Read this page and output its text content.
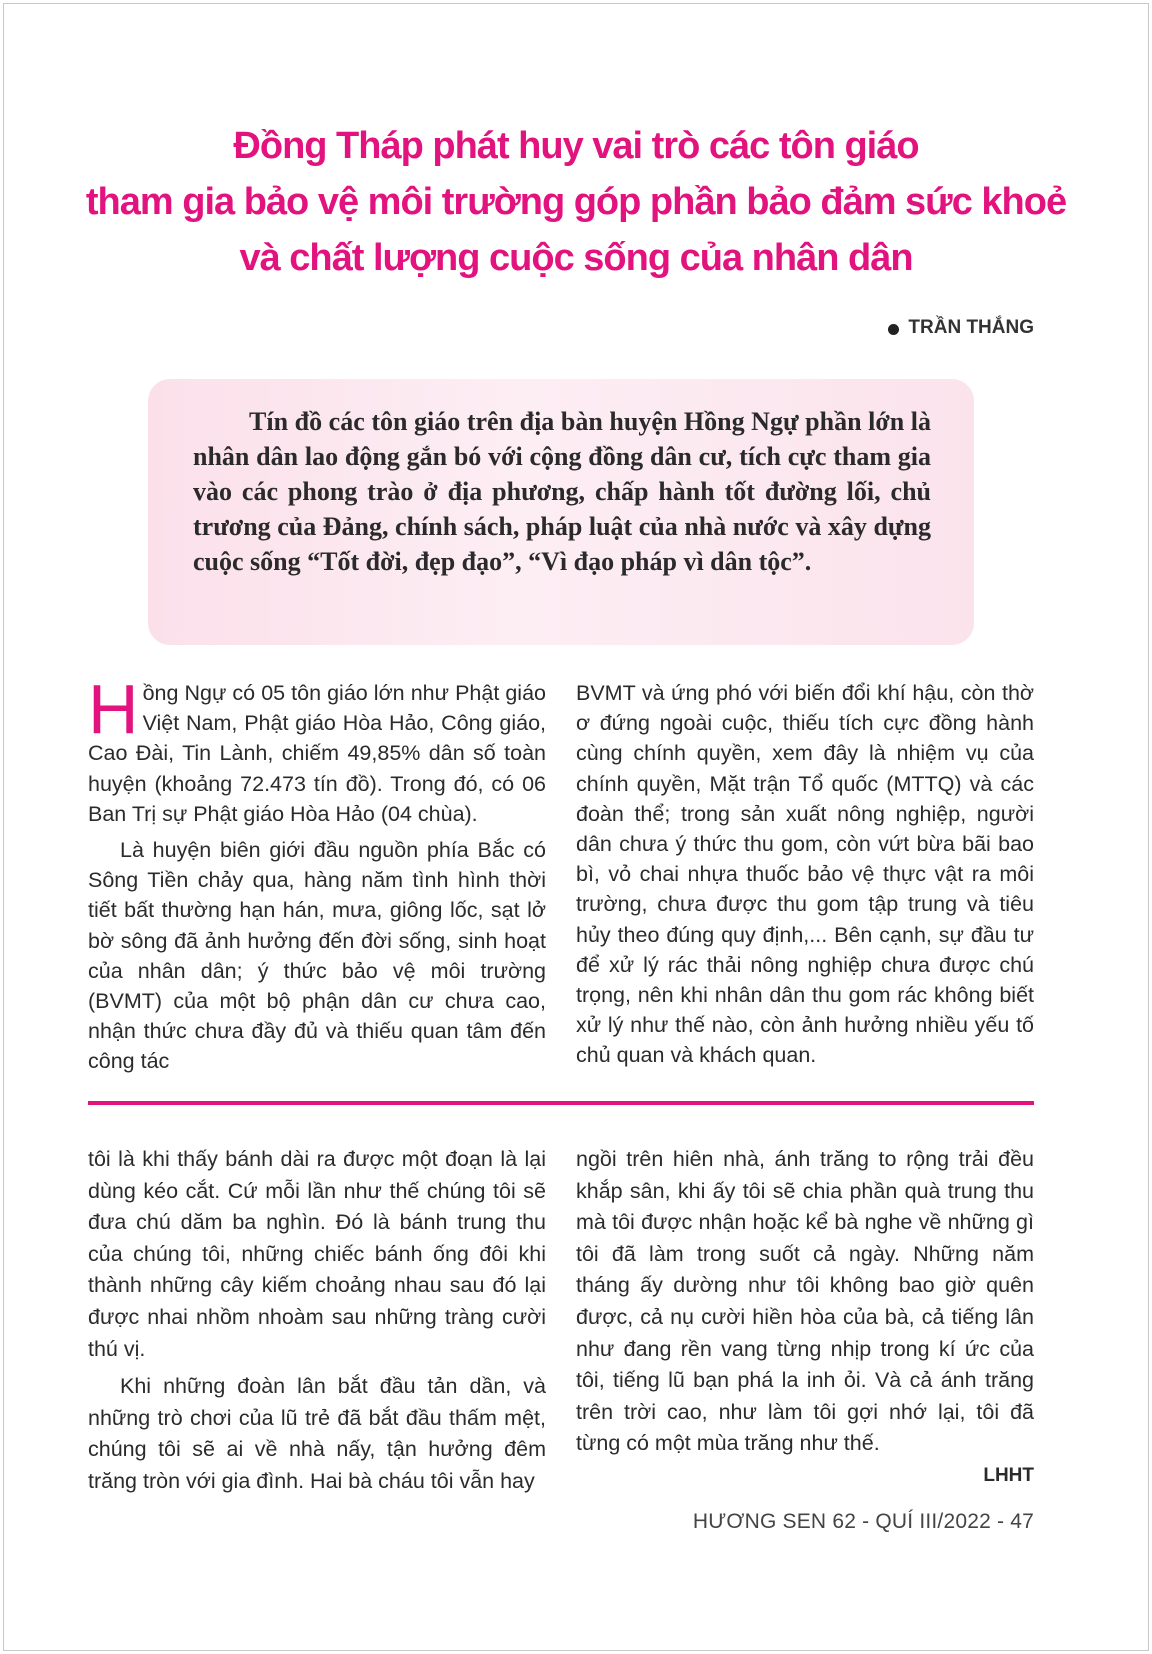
Đồng Tháp phát huy vai trò các tôn giáo
tham gia bảo vệ môi trường góp phần bảo đảm sức khoẻ
và chất lượng cuộc sống của nhân dân
TRẦN THẮNG

Tín đồ các tôn giáo trên địa bàn huyện Hồng Ngự phần lớn là nhân dân lao động gắn bó với cộng đồng dân cư, tích cực tham gia vào các phong trào ở địa phương, chấp hành tốt đường lối, chủ trương của Đảng, chính sách, pháp luật của nhà nước và xây dựng cuộc sống “Tốt đời, đẹp đạo”, “Vì đạo pháp vì dân tộc”.

Hồng Ngự có 05 tôn giáo lớn như Phật giáo Việt Nam, Phật giáo Hòa Hảo, Công giáo, Cao Đài, Tin Lành, chiếm 49,85% dân số toàn huyện (khoảng 72.473 tín đồ). Trong đó, có 06 Ban Trị sự Phật giáo Hòa Hảo (04 chùa).

Là huyện biên giới đầu nguồn phía Bắc có Sông Tiền chảy qua, hàng năm tình hình thời tiết bất thường hạn hán, mưa, giông lốc, sạt lở bờ sông đã ảnh hưởng đến đời sống, sinh hoạt của nhân dân; ý thức bảo vệ môi trường (BVMT) của một bộ phận dân cư chưa cao, nhận thức chưa đầy đủ và thiếu quan tâm đến công tác

BVMT và ứng phó với biến đổi khí hậu, còn thờ ơ đứng ngoài cuộc, thiếu tích cực đồng hành cùng chính quyền, xem đây là nhiệm vụ của chính quyền, Mặt trận Tổ quốc (MTTQ) và các đoàn thể; trong sản xuất nông nghiệp, người dân chưa ý thức thu gom, còn vứt bừa bãi bao bì, vỏ chai nhựa thuốc bảo vệ thực vật ra môi trường, chưa được thu gom tập trung và tiêu hủy theo đúng quy định,... Bên cạnh, sự đầu tư để xử lý rác thải nông nghiệp chưa được chú trọng, nên khi nhân dân thu gom rác không biết xử lý như thế nào, còn ảnh hưởng nhiều yếu tố chủ quan và khách quan.

tôi là khi thấy bánh dài ra được một đoạn là lại dùng kéo cắt. Cứ mỗi lần như thế chúng tôi sẽ đưa chú dăm ba nghìn. Đó là bánh trung thu của chúng tôi, những chiếc bánh ống đôi khi thành những cây kiếm choảng nhau sau đó lại được nhai nhồm nhoàm sau những tràng cười thú vị.

Khi những đoàn lân bắt đầu tản dần, và những trò chơi của lũ trẻ đã bắt đầu thấm mệt, chúng tôi sẽ ai về nhà nấy, tận hưởng đêm trăng tròn với gia đình. Hai bà cháu tôi vẫn hay

ngồi trên hiên nhà, ánh trăng to rộng trải đều khắp sân, khi ấy tôi sẽ chia phần quà trung thu mà tôi được nhận hoặc kể bà nghe về những gì tôi đã làm trong suốt cả ngày. Những năm tháng ấy dường như tôi không bao giờ quên được, cả nụ cười hiền hòa của bà, cả tiếng lân như đang rền vang từng nhịp trong kí ức của tôi, tiếng lũ bạn phá la inh ỏi. Và cả ánh trăng trên trời cao, như làm tôi gợi nhớ lại, tôi đã từng có một mùa trăng như thế.

LHHT

HƯƠNG SEN 62 - QUÍ III/2022 - 47
